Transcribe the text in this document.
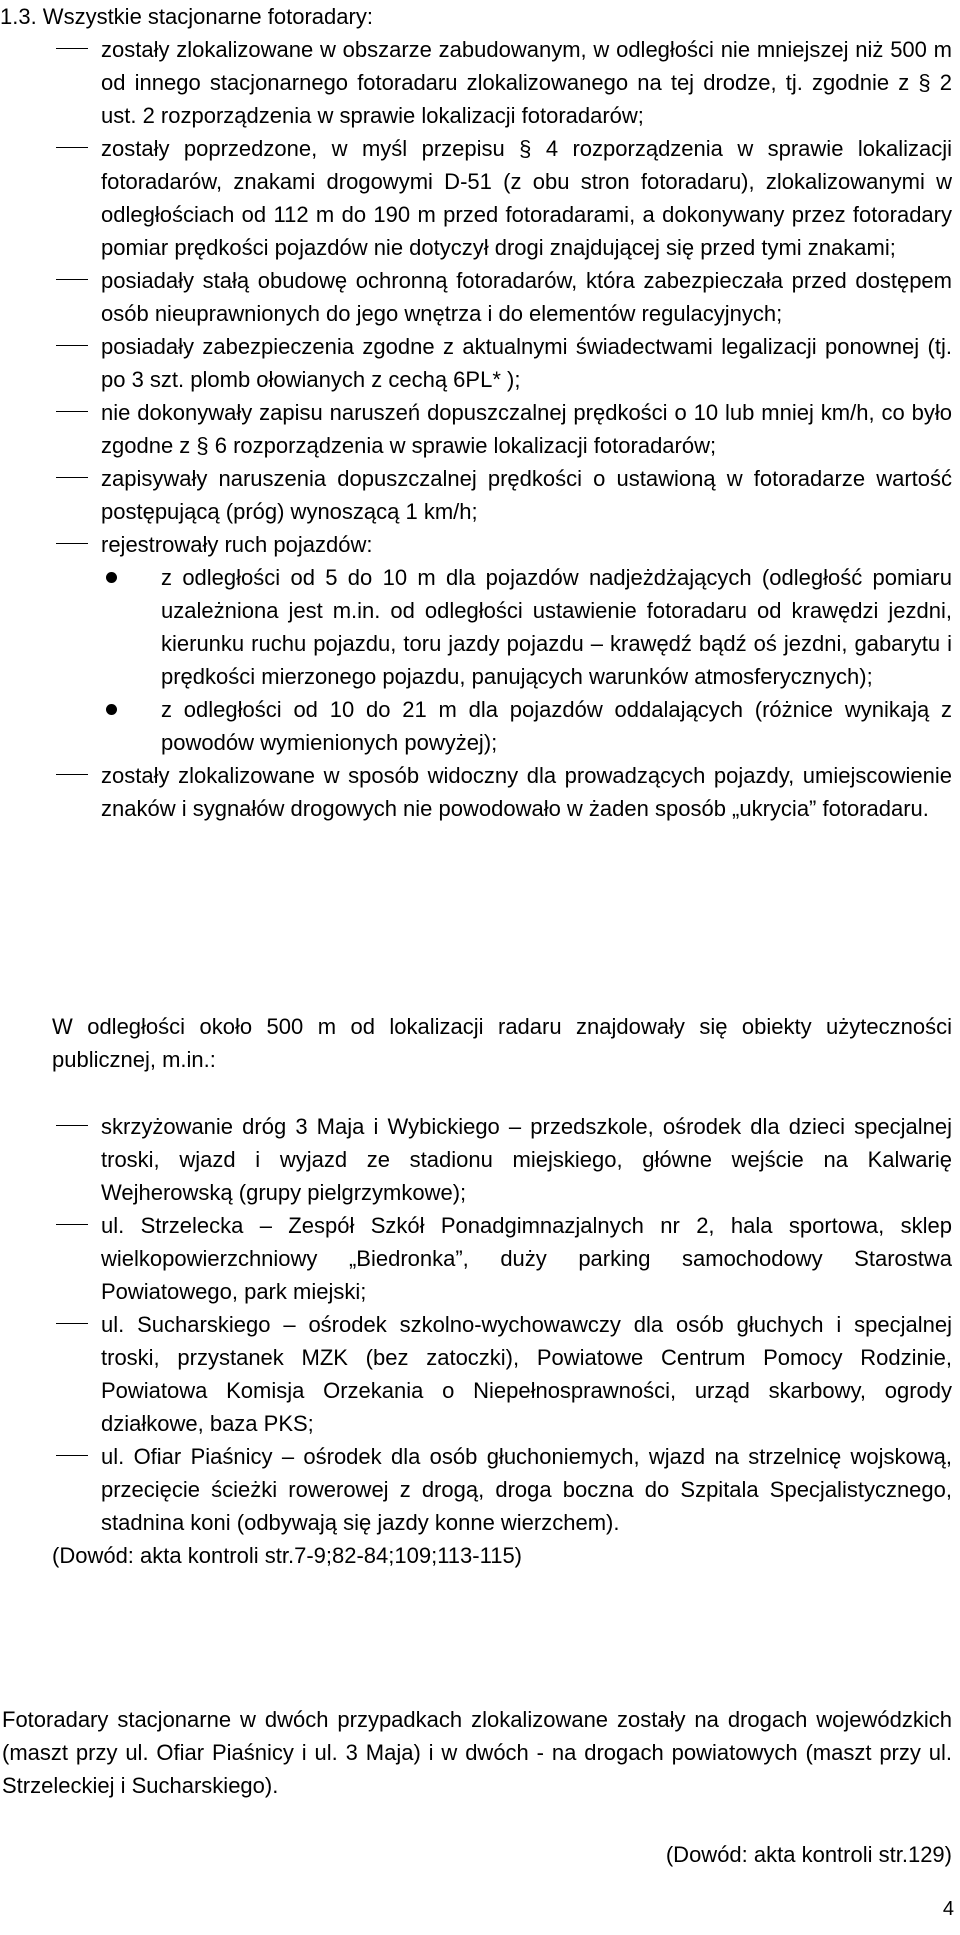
1.3. Wszystkie stacjonarne fotoradary:
zostały zlokalizowane w obszarze zabudowanym, w odległości nie mniejszej niż 500 m od innego stacjonarnego fotoradaru zlokalizowanego na tej drodze, tj. zgodnie z § 2 ust. 2 rozporządzenia w sprawie lokalizacji fotoradarów;
zostały poprzedzone, w myśl przepisu § 4 rozporządzenia w sprawie lokalizacji fotoradarów, znakami drogowymi D-51 (z obu stron fotoradaru), zlokalizowanymi w odległościach od 112 m do 190 m przed fotoradarami, a dokonywany przez fotoradary pomiar prędkości pojazdów nie dotyczył drogi znajdującej się przed tymi znakami;
posiadały stałą obudowę ochronną fotoradarów, która zabezpieczała przed dostępem osób nieuprawnionych do jego wnętrza i do elementów regulacyjnych;
posiadały zabezpieczenia zgodne z aktualnymi świadectwami legalizacji ponownej (tj. po 3 szt. plomb ołowianych z cechą 6PL* );
nie dokonywały zapisu naruszeń dopuszczalnej prędkości o 10 lub mniej km/h, co było zgodne z § 6 rozporządzenia w sprawie lokalizacji fotoradarów;
zapisywały naruszenia dopuszczalnej prędkości o ustawioną w fotoradarze wartość postępującą (próg) wynoszącą 1 km/h;
rejestrowały ruch pojazdów:
z odległości od 5 do 10 m dla pojazdów nadjeżdżających (odległość pomiaru uzależniona jest m.in. od odległości ustawienie fotoradaru od krawędzi jezdni, kierunku ruchu pojazdu, toru jazdy pojazdu – krawędź bądź oś jezdni, gabarytu i prędkości mierzonego pojazdu, panujących warunków atmosferycznych);
z odległości od 10 do 21 m dla pojazdów oddalających (różnice wynikają z powodów wymienionych powyżej);
zostały zlokalizowane w sposób widoczny dla prowadzących pojazdy, umiejscowienie znaków i sygnałów drogowych nie powodowało w żaden sposób „ukrycia” fotoradaru.

W odległości około 500 m od lokalizacji radaru znajdowały się obiekty użyteczności publicznej, m.in.:

skrzyżowanie dróg 3 Maja i Wybickiego – przedszkole, ośrodek dla dzieci specjalnej troski, wjazd i wyjazd ze stadionu miejskiego, główne wejście na Kalwarię Wejherowską (grupy pielgrzymkowe);
ul. Strzelecka – Zespół Szkół Ponadgimnazjalnych nr 2, hala sportowa, sklep wielkopowierzchniowy „Biedronka”, duży parking samochodowy Starostwa Powiatowego, park miejski;
ul. Sucharskiego – ośrodek szkolno-wychowawczy dla osób głuchych i specjalnej troski, przystanek MZK (bez zatoczki), Powiatowe Centrum Pomocy Rodzinie, Powiatowa Komisja Orzekania o Niepełnosprawności, urząd skarbowy, ogrody działkowe, baza PKS;
ul. Ofiar Piaśnicy – ośrodek dla osób głuchoniemych, wjazd na strzelnicę wojskową, przecięcie ścieżki rowerowej z drogą, droga boczna do Szpitala Specjalistycznego, stadnina koni (odbywają się jazdy konne wierzchem).
(Dowód: akta kontroli str.7-9;82-84;109;113-115)

Fotoradary stacjonarne w dwóch przypadkach zlokalizowane zostały na drogach wojewódzkich (maszt przy ul. Ofiar Piaśnicy i ul. 3 Maja) i w dwóch - na drogach powiatowych (maszt przy ul. Strzeleckiej i Sucharskiego).

(Dowód: akta kontroli str.129)

4
